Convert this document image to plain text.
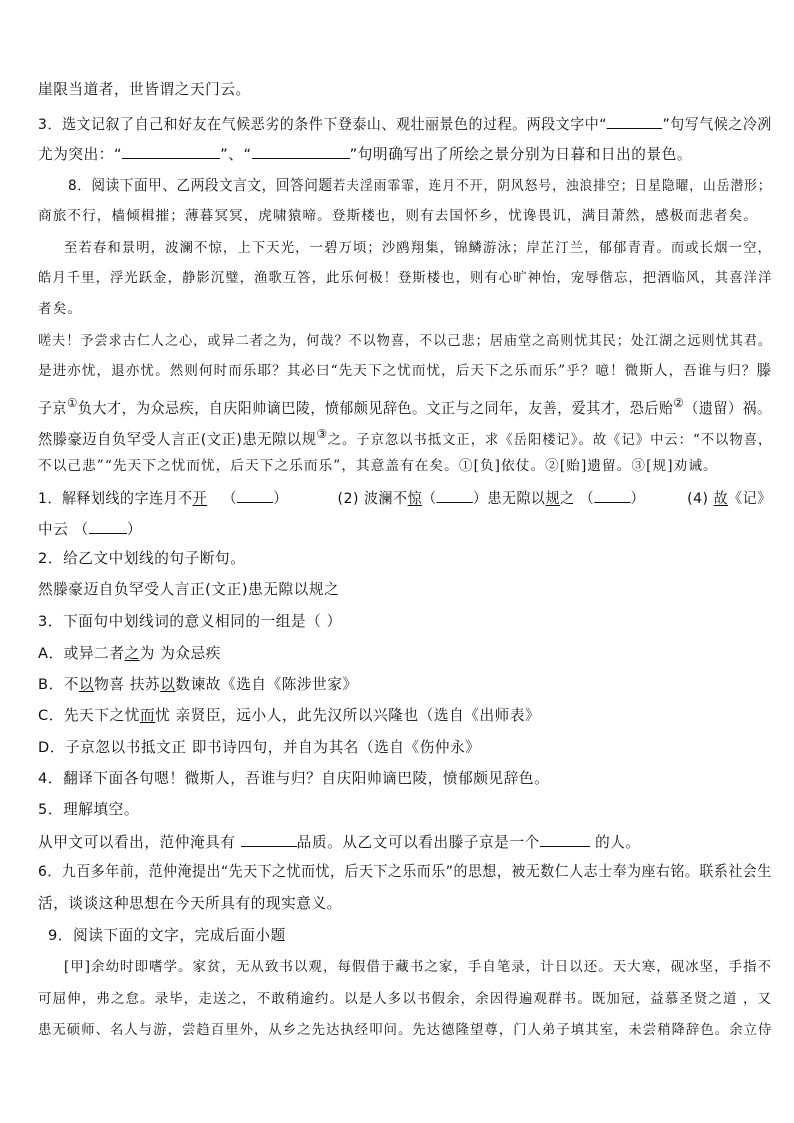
崖限当道者，世皆谓之天门云。
3．选文记叙了自己和好友在气候恶劣的条件下登泰山、观壮丽景色的过程。两段文字中“	”句写气候之冷冽
尤为突出：“	”、“	”句明确写出了所绘之景分别为日暮和日出的景色。
8．阅读下面甲、乙两段文言文，回答问题若夫淫雨霏霏，连月不开，阴风怒号，浊浪排空；日星隐曜，山岳潜形；
商旅不行，樯倾楫摧；薄暮冥冥，虎啸猿啼。登斯楼也，则有去国怀乡，忧谗畏讥，满目萧然，感极而悲者矣。
至若春和景明，波澜不惊，上下天光，一碧万顷；沙鸥翔集，锦鳞游泳；岸芷汀兰，郁郁青青。而或长烟一空，
皓月千里，浮光跃金，静影沉璧，渔歌互答，此乐何极！登斯楼也，则有心旷神怡，宠辱偕忘，把酒临风，其喜洋洋
者矣。
嗟夫！予尝求古仁人之心，或异二者之为，何哉？不以物喜，不以己悲；居庙堂之高则忧其民；处江湖之远则忧其君。
是进亦忧，退亦忧。然则何时而乐耶？其必曰“先天下之忧而忧，后天下之乐而乐”乎？噫！微斯人，吾谁与归？滕
子京①负大才，为众忌疾，自庆阳帅谪巴陵，愤郁颇见辞色。文正与之同年，友善，爱其才，恐后贻②（遗留）祸。
然滕豪迈自负罕受人言正(文正)患无隙以规③之。子京忽以书抵文正，求《岳阳楼记》。故《记》中云：“不以物喜，
不以己悲”“先天下之忧而忧，后天下之乐而乐”，其意盖有在矣。①[负]依仗。②[贻]遗留。③[规]劝诫。
1．解释划线的字连月不开 （ ）	(2) 波澜不惊（ ）患无隙以规之 （ ）	(4) 故《记》
中云 （	）
2．给乙文中划线的句子断句。
然滕豪迈自负罕受人言正(文正)患无隙以规之
3．下面句中划线词的意义相同的一组是（ ）
A．或异二者之为 为众忌疾
B．不以物喜 扶苏以数谏故《选自《陈涉世家》
C．先天下之忧而忧 亲贤臣，远小人，此先汉所以兴隆也（选自《出师表》
D．子京忽以书抵文正 即书诗四句，并自为其名（选自《伤仲永》
4．翻译下面各句嗯！微斯人，吾谁与归？自庆阳帅谪巴陵，愤郁颇见辞色。
5．理解填空。
从甲文可以看出，范仲淹具有	品质。从乙文可以看出滕子京是一个	的人。
6．九百多年前，范仲淹提出“先天下之忧而忧，后天下之乐而乐”的思想，被无数仁人志士奉为座右铭。联系社会生
活，谈谈这种思想在今天所具有的现实意义。
9．阅读下面的文字，完成后面小题
[甲]余幼时即嗜学。家贫，无从致书以观，每假借于藏书之家，手自笔录，计日以还。天大寒，砚冰坚，手指不
可屈伸，弗之怠。录毕，走送之，不敢稍逾约。以是人多以书假余，余因得遍观群书。既加冠，益慕圣贤之道 ，又
患无硕师、名人与游，尝趋百里外，从乡之先达执经叩问。先达德隆望尊，门人弟子填其室，未尝稍降辞色。余立侍
